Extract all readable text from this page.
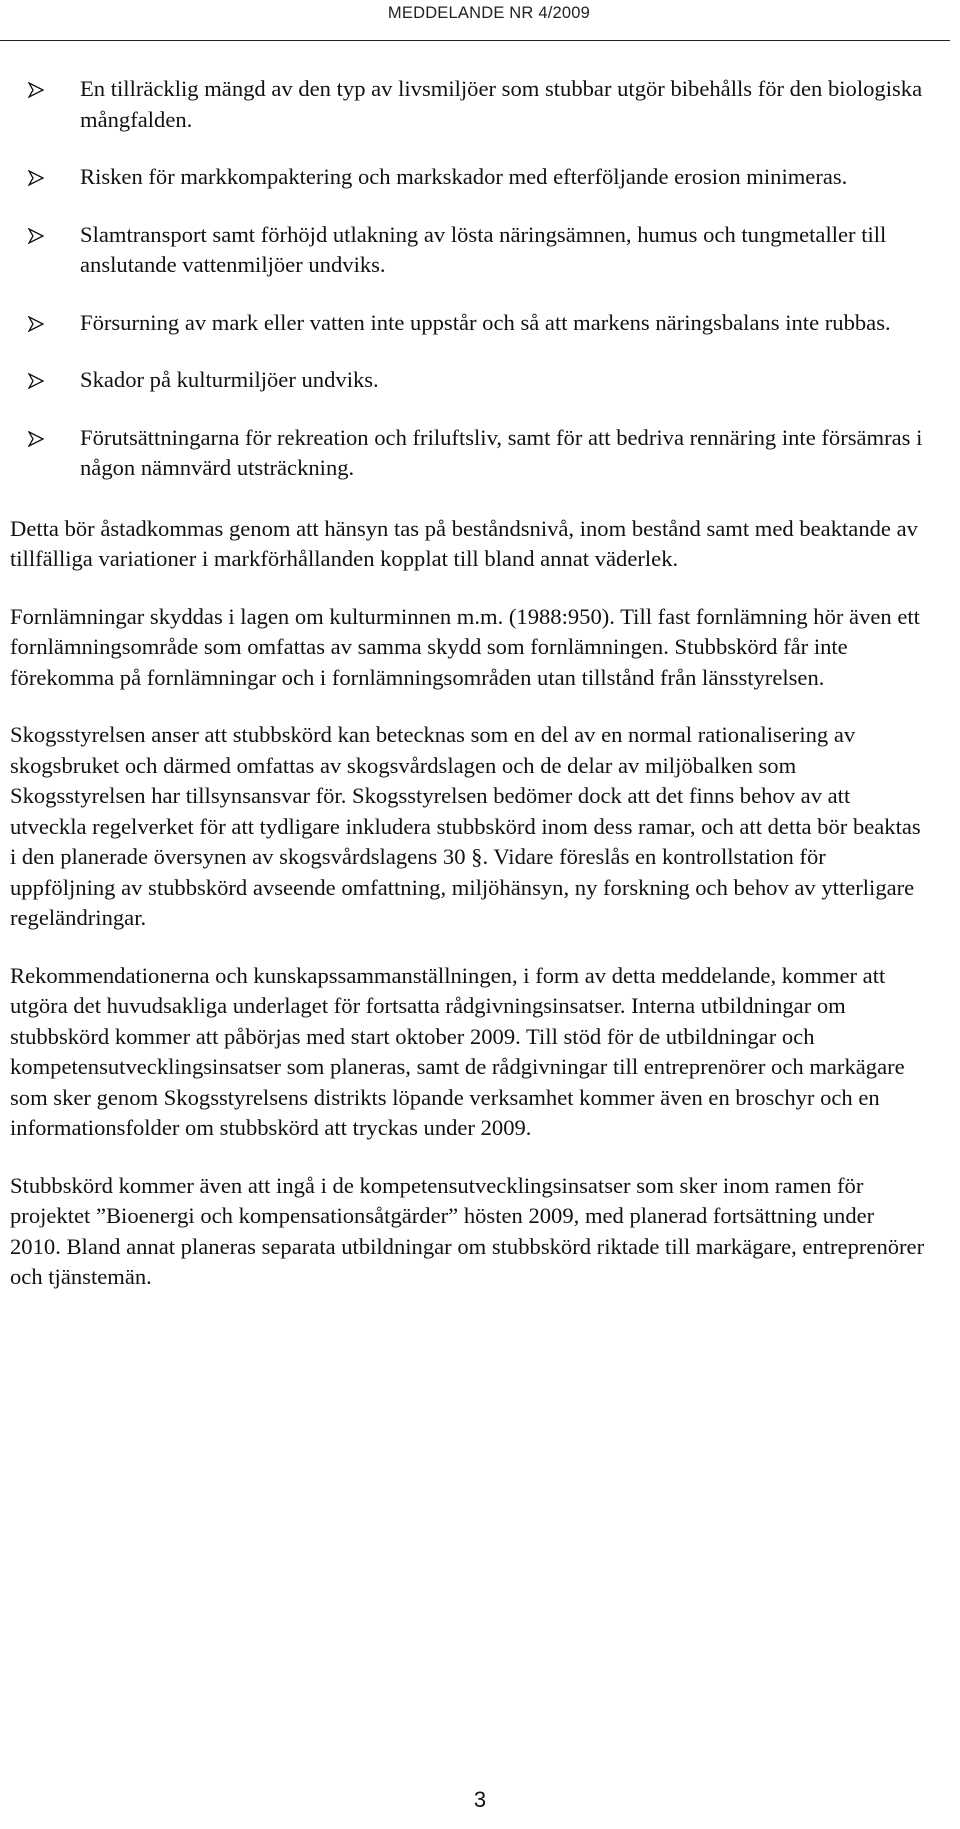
MEDDELANDE NR 4/2009
En tillräcklig mängd av den typ av livsmiljöer som stubbar utgör bibehålls för den biologiska mångfalden.
Risken för markkompaktering och markskador med efterföljande erosion minimeras.
Slamtransport samt förhöjd utlakning av lösta näringsämnen, humus och tungmetaller till anslutande vattenmiljöer undviks.
Försurning av mark eller vatten inte uppstår och så att markens näringsbalans inte rubbas.
Skador på kulturmiljöer undviks.
Förutsättningarna för rekreation och friluftsliv, samt för att bedriva rennäring inte försämras i någon nämnvärd utsträckning.

Detta bör åstadkommas genom att hänsyn tas på beståndsnivå, inom bestånd samt med beaktande av tillfälliga variationer i markförhållanden kopplat till bland annat väderlek.

Fornlämningar skyddas i lagen om kulturminnen m.m. (1988:950). Till fast fornlämning hör även ett fornlämningsområde som omfattas av samma skydd som fornlämningen. Stubbskörd får inte förekomma på fornlämningar och i fornlämningsområden utan tillstånd från länsstyrelsen.

Skogsstyrelsen anser att stubbskörd kan betecknas som en del av en normal rationalisering av skogsbruket och därmed omfattas av skogsvårdslagen och de delar av miljöbalken som Skogsstyrelsen har tillsynsansvar för. Skogsstyrelsen bedömer dock att det finns behov av att utveckla regelverket för att tydligare inkludera stubbskörd inom dess ramar, och att detta bör beaktas i den planerade översynen av skogsvårdslagens 30 §. Vidare föreslås en kontrollstation för uppföljning av stubbskörd avseende omfattning, miljöhänsyn, ny forskning och behov av ytterligare regeländringar.

Rekommendationerna och kunskapssammanställningen, i form av detta meddelande, kommer att utgöra det huvudsakliga underlaget för fortsatta rådgivningsinsatser. Interna utbildningar om stubbskörd kommer att påbörjas med start oktober 2009. Till stöd för de utbildningar och kompetensutvecklingsinsatser som planeras, samt de rådgivningar till entreprenörer och markägare som sker genom Skogsstyrelsens distrikts löpande verksamhet kommer även en broschyr och en informationsfolder om stubbskörd att tryckas under 2009.

Stubbskörd kommer även att ingå i de kompetensutvecklingsinsatser som sker inom ramen för projektet ”Bioenergi och kompensationsåtgärder” hösten 2009, med planerad fortsättning under 2010. Bland annat planeras separata utbildningar om stubbskörd riktade till markägare, entreprenörer och tjänstemän.

3
